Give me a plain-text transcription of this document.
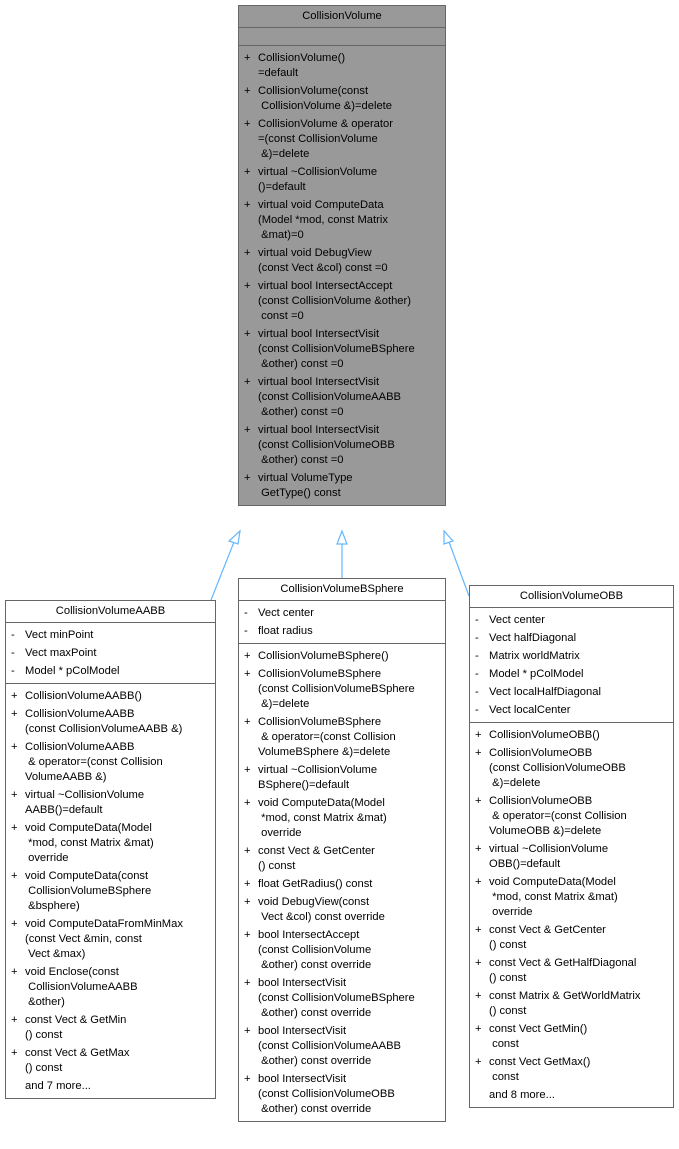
CollisionVolume
+ CollisionVolume()
=default
+ CollisionVolume(const
CollisionVolume &)=delete
+ CollisionVolume & operator
=(const CollisionVolume
&)=delete
+ virtual ~CollisionVolume
()=default
+ virtual void ComputeData
(Model *mod, const Matrix
&mat)=0
+ virtual void DebugView
(const Vect &col) const =0
+ virtual bool IntersectAccept
(const CollisionVolume &other)
const =0
+ virtual bool IntersectVisit
(const CollisionVolumeBSphere
&other) const =0
+ virtual bool IntersectVisit
(const CollisionVolumeAABB
&other) const =0
+ virtual bool IntersectVisit
(const CollisionVolumeOBB
&other) const =0
+ virtual VolumeType
GetType() const
CollisionVolumeAABB
- Vect minPoint
- Vect maxPoint
- Model * pColModel
+ CollisionVolumeAABB()
+ CollisionVolumeAABB
(const CollisionVolumeAABB &)
+ CollisionVolumeAABB
& operator=(const Collision
VolumeAABB &)
+ virtual ~CollisionVolume
AABB()=default
+ void ComputeData(Model
*mod, const Matrix &mat)
override
+ void ComputeData(const
CollisionVolumeBSphere
&bsphere)
+ void ComputeDataFromMinMax
(const Vect &min, const
Vect &max)
+ void Enclose(const
CollisionVolumeAABB
&other)
+ const Vect & GetMin
() const
+ const Vect & GetMax
() const
and 7 more...
CollisionVolumeBSphere
- Vect center
- float radius
+ CollisionVolumeBSphere()
+ CollisionVolumeBSphere
(const CollisionVolumeBSphere
&)=delete
+ CollisionVolumeBSphere
& operator=(const Collision
VolumeBSphere &)=delete
+ virtual ~CollisionVolume
BSphere()=default
+ void ComputeData(Model
*mod, const Matrix &mat)
override
+ const Vect & GetCenter
() const
+ float GetRadius() const
+ void DebugView(const
Vect &col) const override
+ bool IntersectAccept
(const CollisionVolume
&other) const override
+ bool IntersectVisit
(const CollisionVolumeBSphere
&other) const override
+ bool IntersectVisit
(const CollisionVolumeAABB
&other) const override
+ bool IntersectVisit
(const CollisionVolumeOBB
&other) const override
CollisionVolumeOBB
- Vect center
- Vect halfDiagonal
- Matrix worldMatrix
- Model * pColModel
- Vect localHalfDiagonal
- Vect localCenter
+ CollisionVolumeOBB()
+ CollisionVolumeOBB
(const CollisionVolumeOBB
&)=delete
+ CollisionVolumeOBB
& operator=(const Collision
VolumeOBB &)=delete
+ virtual ~CollisionVolume
OBB()=default
+ void ComputeData(Model
*mod, const Matrix &mat)
override
+ const Vect & GetCenter
() const
+ const Vect & GetHalfDiagonal
() const
+ const Matrix & GetWorldMatrix
() const
+ const Vect GetMin()
const
+ const Vect GetMax()
const
and 8 more...
